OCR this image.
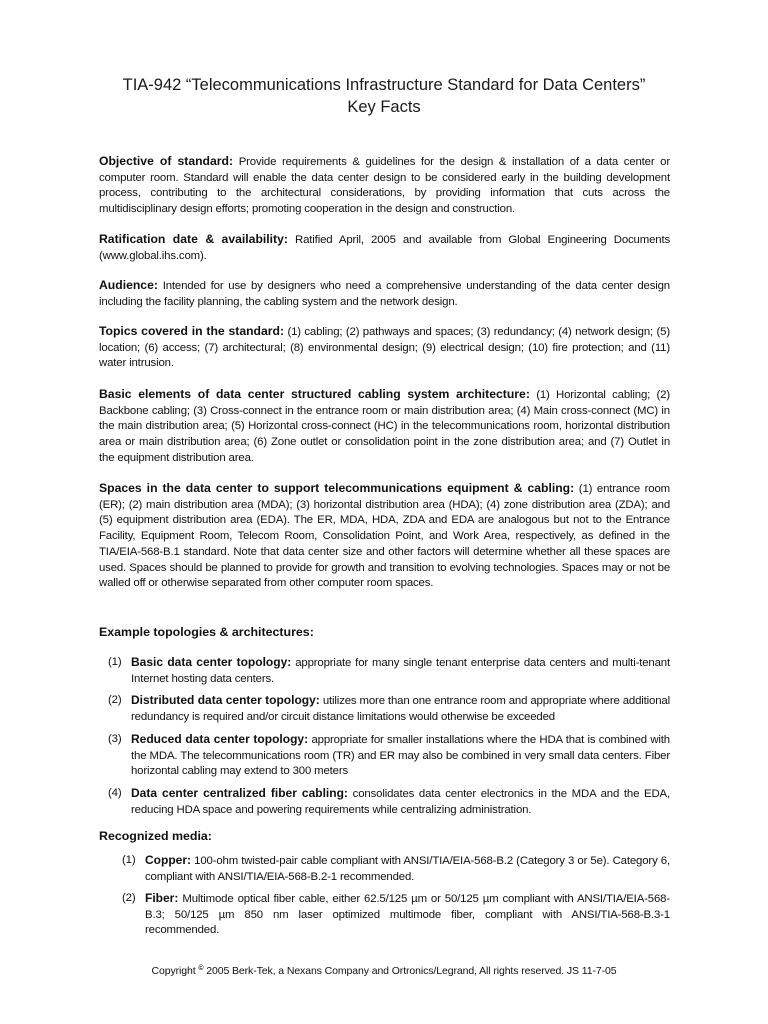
TIA-942 “Telecommunications Infrastructure Standard for Data Centers”
Key Facts
Objective of standard: Provide requirements & guidelines for the design & installation of a data center or computer room. Standard will enable the data center design to be considered early in the building development process, contributing to the architectural considerations, by providing information that cuts across the multidisciplinary design efforts; promoting cooperation in the design and construction.
Ratification date & availability: Ratified April, 2005 and available from Global Engineering Documents (www.global.ihs.com).
Audience: Intended for use by designers who need a comprehensive understanding of the data center design including the facility planning, the cabling system and the network design.
Topics covered in the standard: (1) cabling; (2) pathways and spaces; (3) redundancy; (4) network design; (5) location; (6) access; (7) architectural; (8) environmental design; (9) electrical design; (10) fire protection; and (11) water intrusion.
Basic elements of data center structured cabling system architecture: (1) Horizontal cabling; (2) Backbone cabling; (3) Cross-connect in the entrance room or main distribution area; (4) Main cross-connect (MC) in the main distribution area; (5) Horizontal cross-connect (HC) in the telecommunications room, horizontal distribution area or main distribution area; (6) Zone outlet or consolidation point in the zone distribution area; and (7) Outlet in the equipment distribution area.
Spaces in the data center to support telecommunications equipment & cabling: (1) entrance room (ER); (2) main distribution area (MDA); (3) horizontal distribution area (HDA); (4) zone distribution area (ZDA); and (5) equipment distribution area (EDA). The ER, MDA, HDA, ZDA and EDA are analogous but not to the Entrance Facility, Equipment Room, Telecom Room, Consolidation Point, and Work Area, respectively, as defined in the TIA/EIA-568-B.1 standard. Note that data center size and other factors will determine whether all these spaces are used. Spaces should be planned to provide for growth and transition to evolving technologies. Spaces may or not be walled off or otherwise separated from other computer room spaces.
Example topologies & architectures:
(1) Basic data center topology: appropriate for many single tenant enterprise data centers and multi-tenant Internet hosting data centers.
(2) Distributed data center topology: utilizes more than one entrance room and appropriate where additional redundancy is required and/or circuit distance limitations would otherwise be exceeded
(3) Reduced data center topology: appropriate for smaller installations where the HDA that is combined with the MDA. The telecommunications room (TR) and ER may also be combined in very small data centers. Fiber horizontal cabling may extend to 300 meters
(4) Data center centralized fiber cabling: consolidates data center electronics in the MDA and the EDA, reducing HDA space and powering requirements while centralizing administration.
Recognized media:
(1) Copper: 100-ohm twisted-pair cable compliant with ANSI/TIA/EIA-568-B.2 (Category 3 or 5e). Category 6, compliant with ANSI/TIA/EIA-568-B.2-1 recommended.
(2) Fiber: Multimode optical fiber cable, either 62.5/125 µm or 50/125 µm compliant with ANSI/TIA/EIA-568-B.3; 50/125 µm 850 nm laser optimized multimode fiber, compliant with ANSI/TIA-568-B.3-1 recommended.
Copyright © 2005 Berk-Tek, a Nexans Company and Ortronics/Legrand, All rights reserved. JS 11-7-05
